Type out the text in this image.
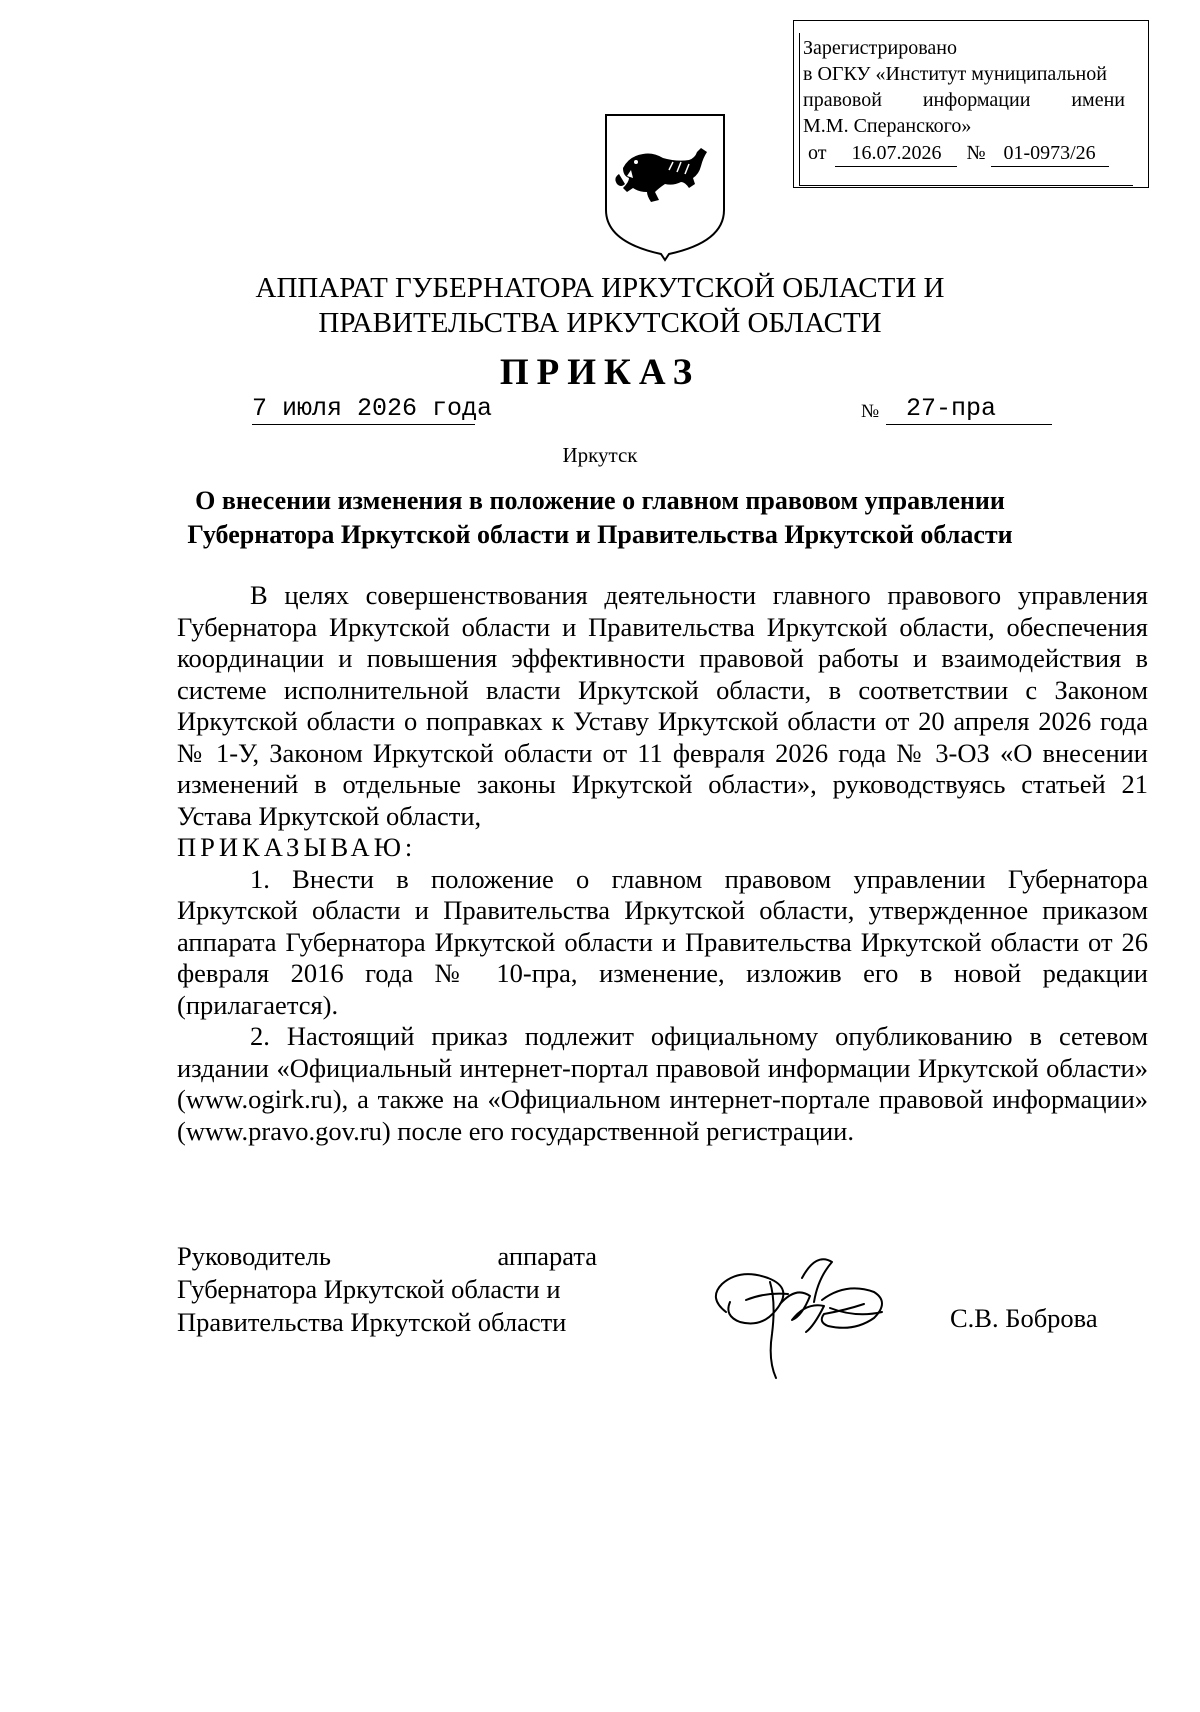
Зарегистрировано
в ОГКУ «Институт муниципальной
правовой информации имени
М.М. Сперанского»
от 16.07.2026 № 01-0973/26
АППАРАТ ГУБЕРНАТОРА ИРКУТСКОЙ ОБЛАСТИ И
ПРАВИТЕЛЬСТВА ИРКУТСКОЙ ОБЛАСТИ
ПРИКАЗ
7 июля 2026 года	№	27-пра
Иркутск
О внесении изменения в положение о главном правовом управлении
Губернатора Иркутской области и Правительства Иркутской области

В целях совершенствования деятельности главного правового управления Губернатора Иркутской области и Правительства Иркутской области, обеспечения координации и повышения эффективности правовой работы и взаимодействия в системе исполнительной власти Иркутской области, в соответствии с Законом Иркутской области о поправках к Уставу Иркутской области от 20 апреля 2026 года № 1-У, Законом Иркутской области от 11 февраля 2026 года № 3-ОЗ «О внесении изменений в отдельные законы Иркутской области», руководствуясь статьей 21 Устава Иркутской области,

ПРИКАЗЫВАЮ:

1. Внести в положение о главном правовом управлении Губернатора Иркутской области и Правительства Иркутской области, утвержденное приказом аппарата Губернатора Иркутской области и Правительства Иркутской области от 26 февраля 2016 года № 10-пра, изменение, изложив его в новой редакции (прилагается).

2. Настоящий приказ подлежит официальному опубликованию в сетевом издании «Официальный интернет-портал правовой информации Иркутской области» (www.ogirk.ru), а также на «Официальном интернет-портале правовой информации» (www.pravo.gov.ru) после его государственной регистрации.

Руководитель аппарата
Губернатора Иркутской области и
Правительства Иркутской области	С.В. Боброва
